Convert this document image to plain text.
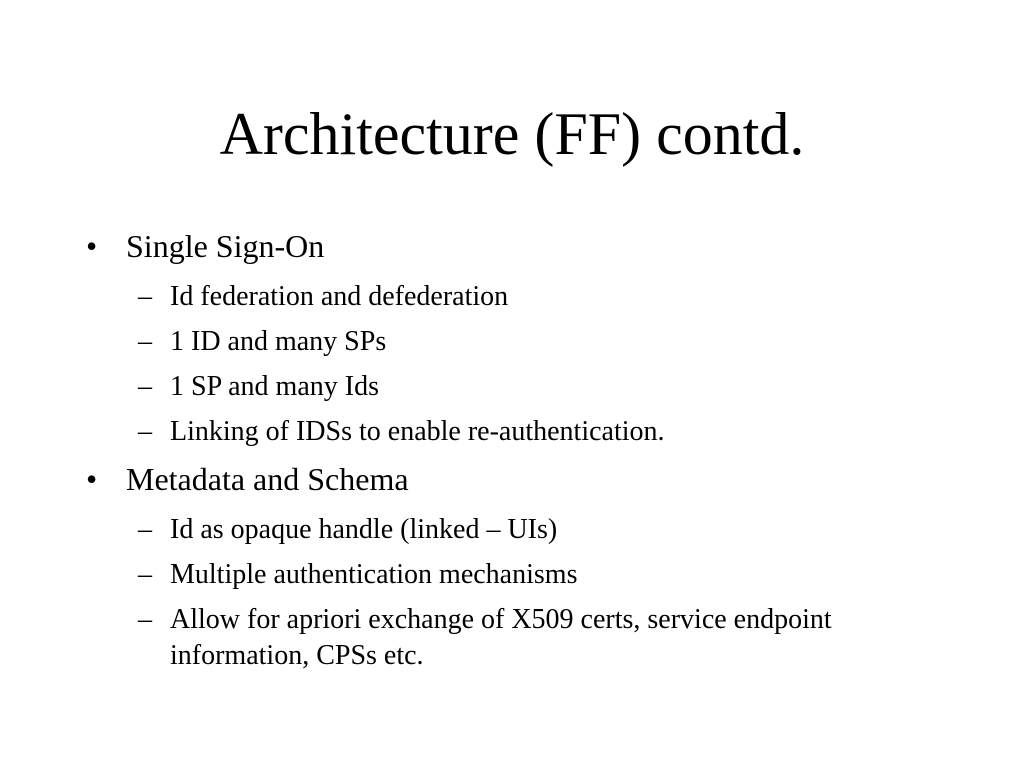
Architecture (FF) contd.
• Single Sign-On
– Id federation and defederation
– 1 ID and many SPs
– 1 SP and many Ids
– Linking of IDSs to enable re-authentication.
• Metadata and Schema
– Id as opaque handle (linked – UIs)
– Multiple authentication mechanisms
– Allow for apriori exchange of X509 certs, service endpoint information, CPSs etc.
